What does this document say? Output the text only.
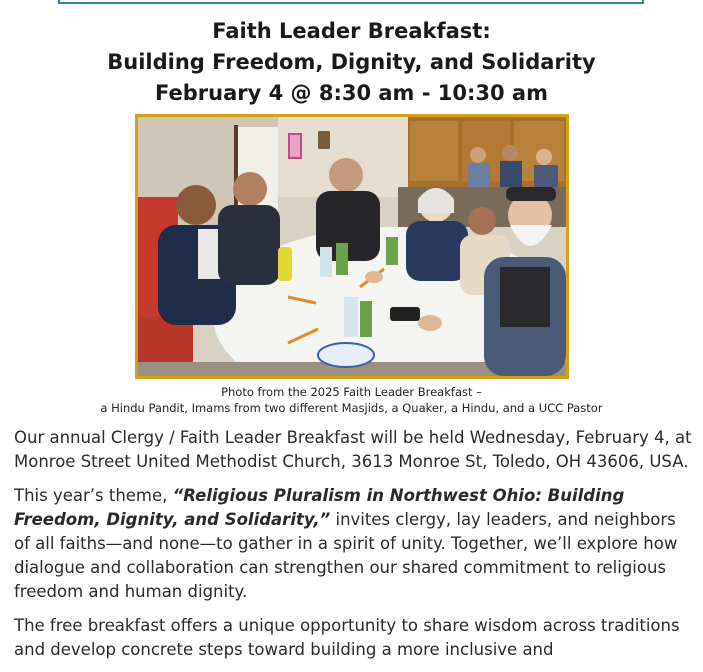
Faith Leader Breakfast:
Building Freedom, Dignity, and Solidarity
February 4 @ 8:30 am - 10:30 am
Photo from the 2025 Faith Leader Breakfast –
a Hindu Pandit, Imams from two different Masjids, a Quaker, a Hindu, and a UCC Pastor

Our annual Clergy / Faith Leader Breakfast will be held Wednesday, February 4, at Monroe Street United Methodist Church, 3613 Monroe St, Toledo, OH 43606, USA.

This year’s theme, “Religious Pluralism in Northwest Ohio: Building Freedom, Dignity, and Solidarity,” invites clergy, lay leaders, and neighbors of all faiths—and none—to gather in a spirit of unity. Together, we’ll explore how dialogue and collaboration can strengthen our shared commitment to religious freedom and human dignity.

The free breakfast offers a unique opportunity to share wisdom across traditions and develop concrete steps toward building a more inclusive and
